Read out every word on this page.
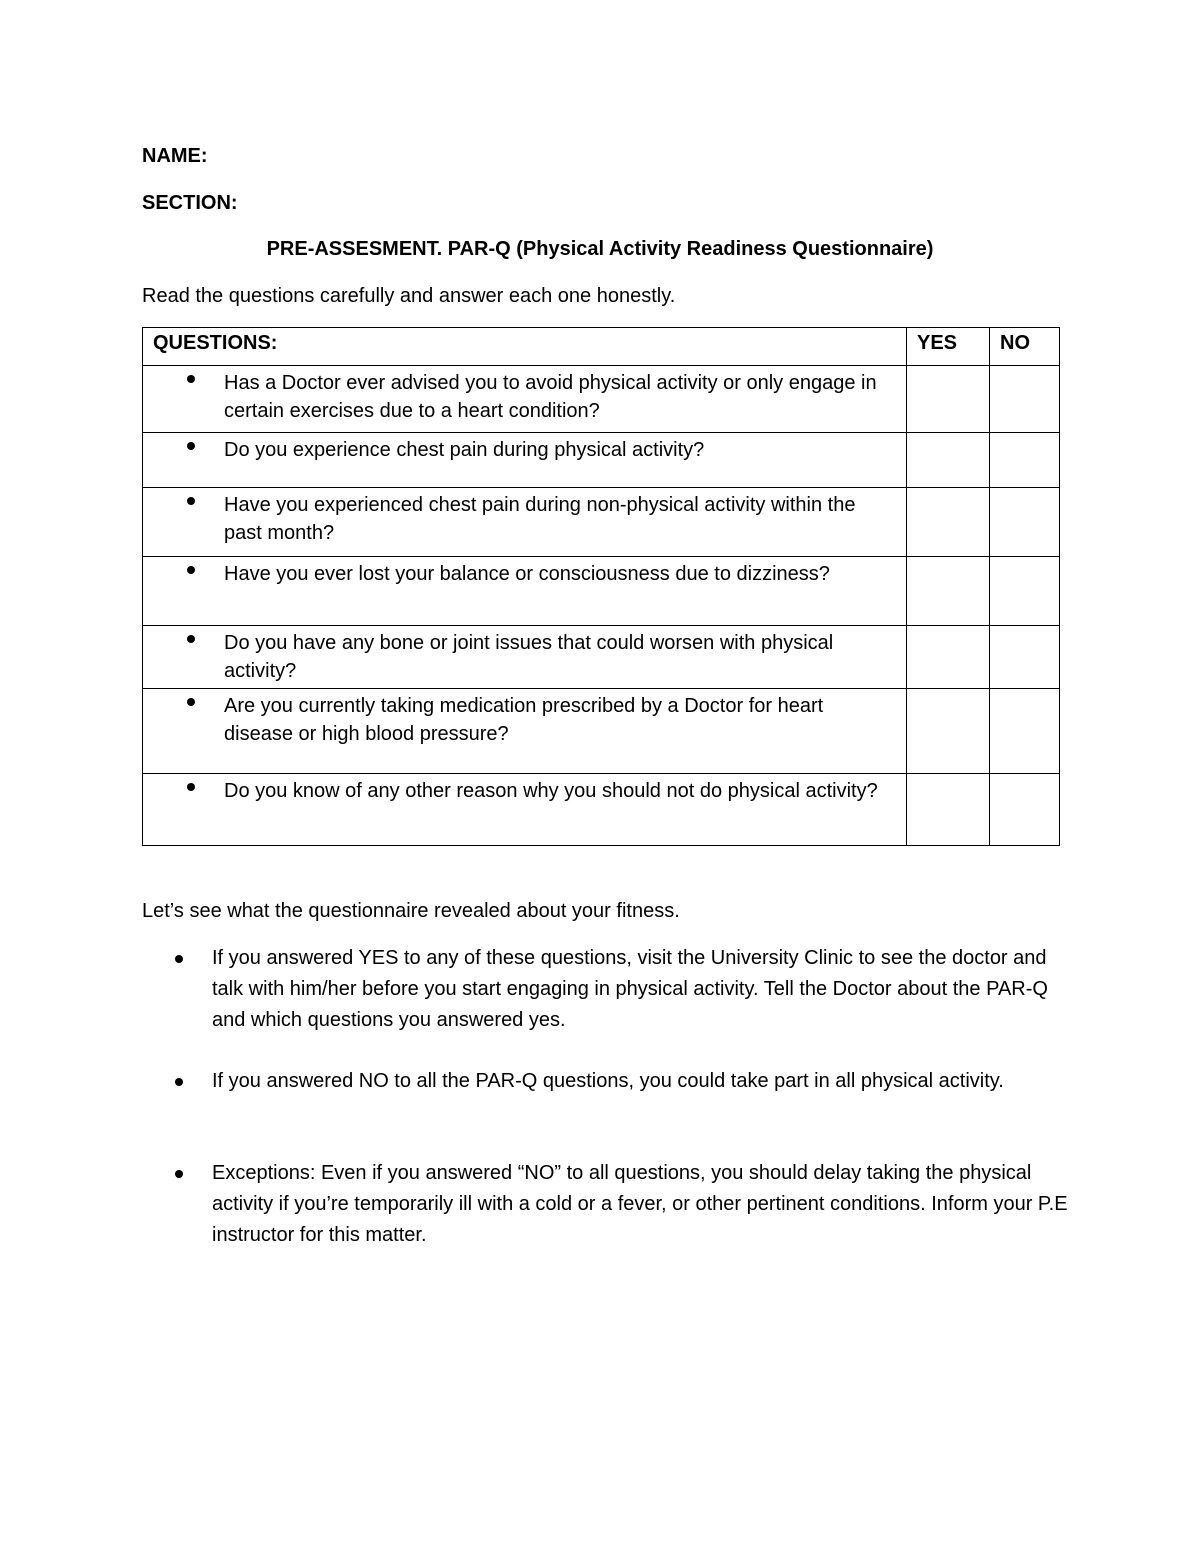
NAME:
SECTION:
PRE-ASSESMENT. PAR-Q (Physical Activity Readiness Questionnaire)
Read the questions carefully and answer each one honestly.
QUESTIONS:	YES	NO

Has a Doctor ever advised you to avoid physical activity or only engage in certain exercises due to a heart condition?		

Do you experience chest pain during physical activity?		

Have you experienced chest pain during non-physical activity within the past month?		

Have you ever lost your balance or consciousness due to dizziness?		

Do you have any bone or joint issues that could worsen with physical activity?		

Are you currently taking medication prescribed by a Doctor for heart disease or high blood pressure?		

Do you know of any other reason why you should not do physical activity?		
Let’s see what the questionnaire revealed about your fitness.
If you answered YES to any of these questions, visit the University Clinic to see the doctor and talk with him/her before you start engaging in physical activity. Tell the Doctor about the PAR-Q and which questions you answered yes.
If you answered NO to all the PAR-Q questions, you could take part in all physical activity.
Exceptions: Even if you answered “NO” to all questions, you should delay taking the physical activity if you’re temporarily ill with a cold or a fever, or other pertinent conditions. Inform your P.E instructor for this matter.
